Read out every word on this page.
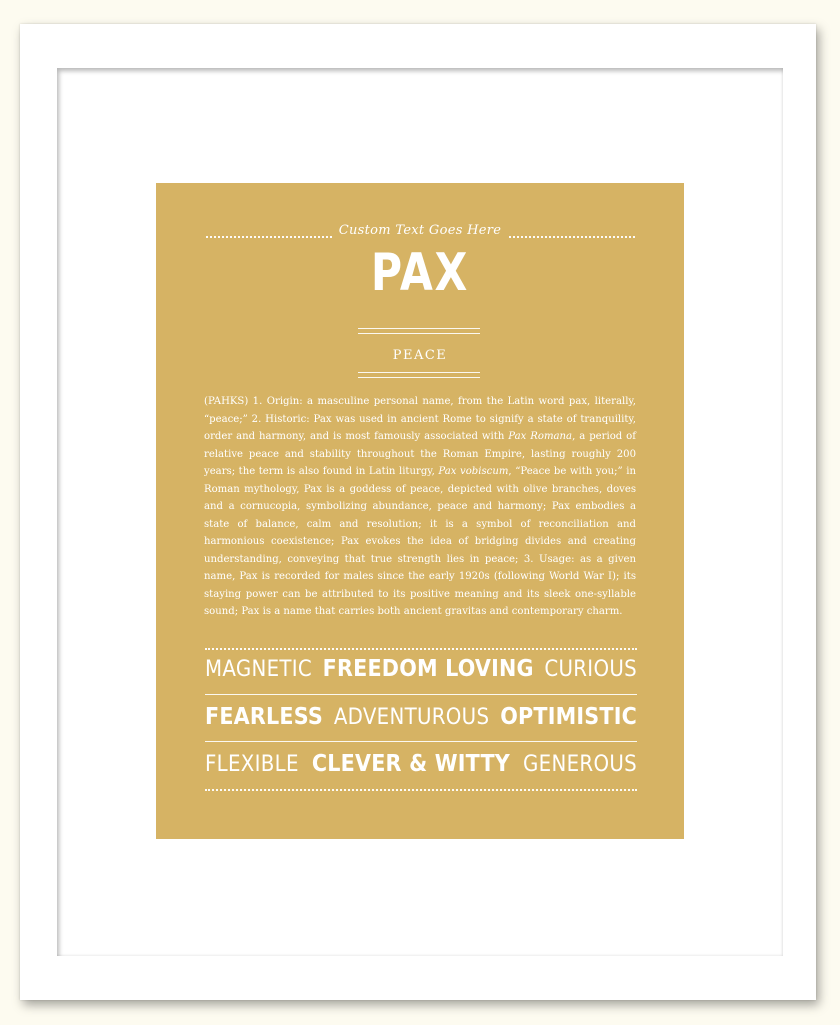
Custom Text Goes Here
PAX
PEACE

(PAHKS) 1. Origin: a masculine personal name, from the Latin word pax, literally, “peace;” 2. Historic: Pax was used in ancient Rome to signify a state of tranquility, order and harmony, and is most famously associated with Pax Romana, a period of relative peace and stability throughout the Roman Empire, lasting roughly 200 years; the term is also found in Latin liturgy, Pax vobiscum, “Peace be with you;” in Roman mythology, Pax is a goddess of peace, depicted with olive branches, doves and a cornucopia, symbolizing abundance, peace and harmony; Pax embodies a state of balance, calm and resolution; it is a symbol of reconciliation and harmonious coexistence; Pax evokes the idea of bridging divides and creating understanding, conveying that true strength lies in peace; 3. Usage: as a given name, Pax is recorded for males since the early 1920s (following World War I); its staying power can be attributed to its positive meaning and its sleek one-syllable sound; Pax is a name that carries both ancient gravitas and contemporary charm.

MAGNETIC FREEDOM LOVING CURIOUS
FEARLESS ADVENTUROUS OPTIMISTIC
FLEXIBLE CLEVER & WITTY GENEROUS
